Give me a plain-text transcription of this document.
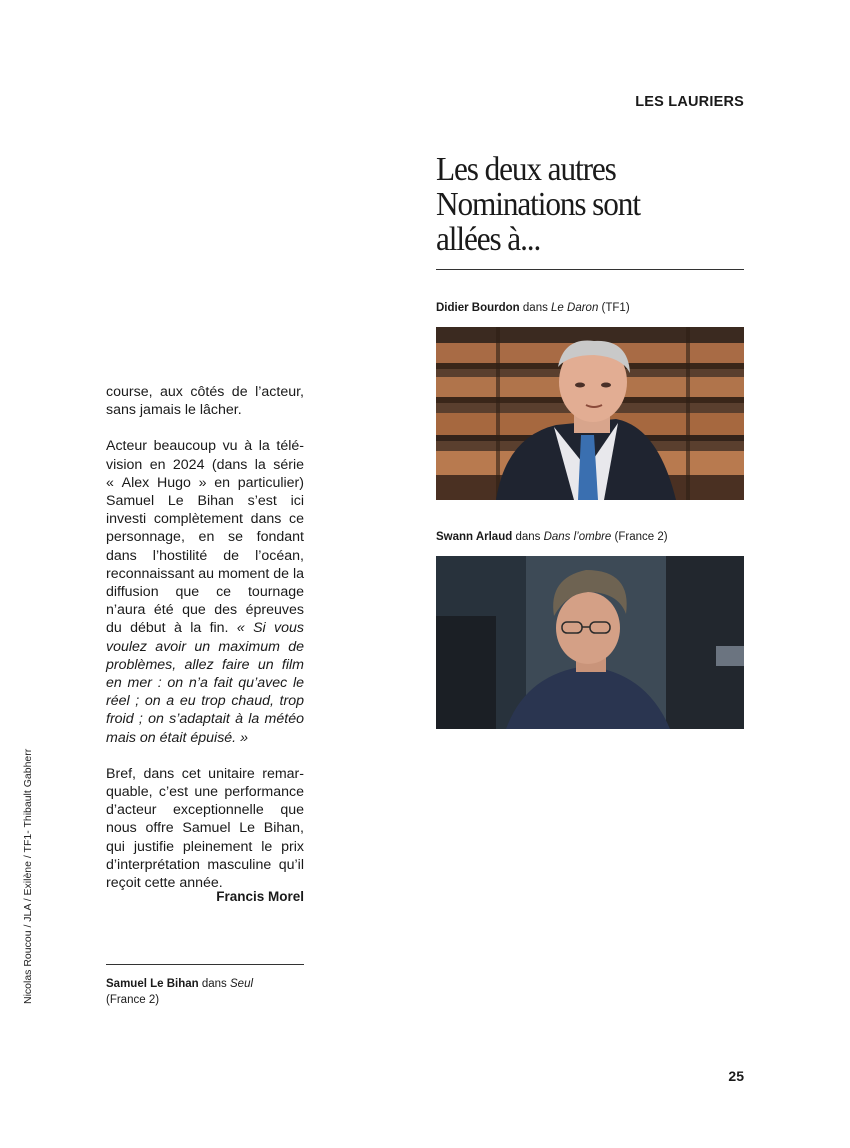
LES LAURIERS
Les deux autres
Nominations sont
allées à...
Didier Bourdon dans Le Daron (TF1)
Swann Arlaud dans Dans l’ombre (France 2)

course, aux côtés de l’acteur, sans jamais le lâcher.

Acteur beaucoup vu à la télévision en 2024 (dans la série « Alex Hugo » en particulier) Samuel Le Bihan s’est ici investi complètement dans ce personnage, en se fondant dans l’hostilité de l’océan, reconnaissant au moment de la diffusion que ce tournage n’aura été que des épreuves du début à la fin. « Si vous voulez avoir un maximum de problèmes, allez faire un film en mer : on n’a fait qu’avec le réel ; on a eu trop chaud, trop froid ; on s’adaptait à la météo mais on était épuisé. »

Bref, dans cet unitaire remarquable, c’est une performance d’acteur exceptionnelle que nous offre Samuel Le Bihan, qui justifie pleinement le prix d’interprétation masculine qu’il reçoit cette année.

Francis Morel
Samuel Le Bihan dans Seul
(France 2)
Nicolas Roucou / JLA / Exilène / TF1- Thibault Gabherr
25
